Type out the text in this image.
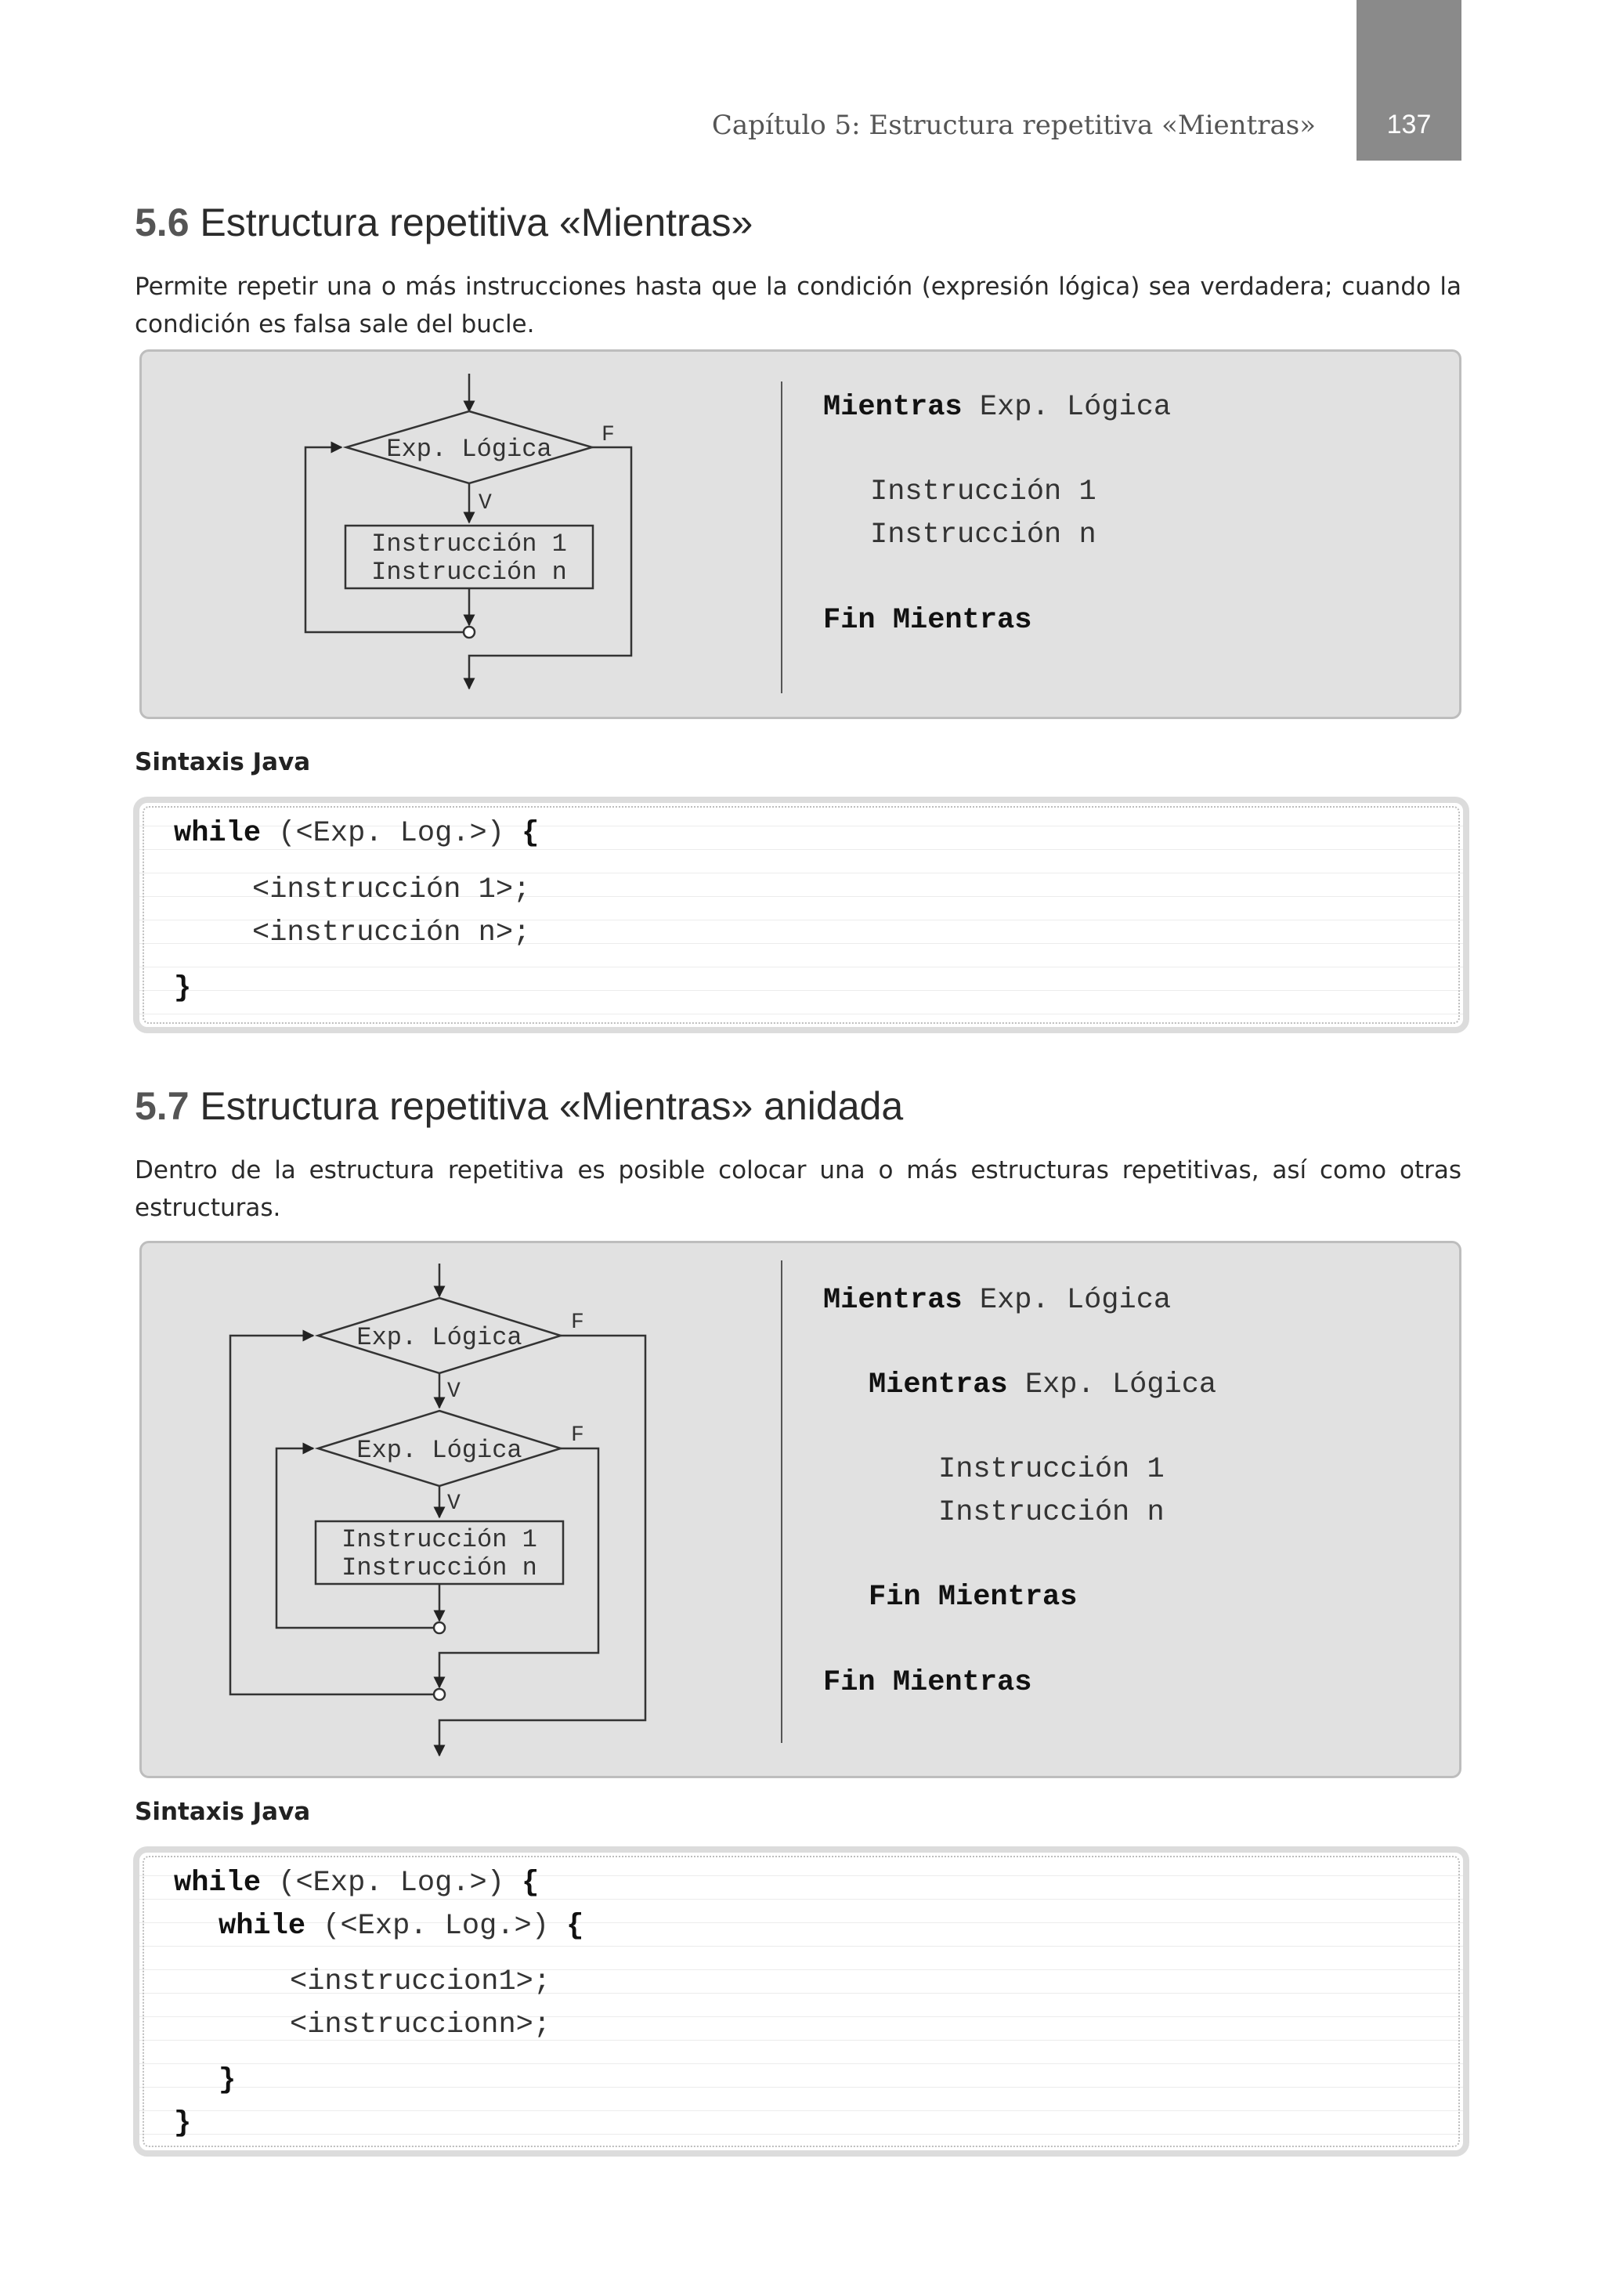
137
Capítulo 5: Estructura repetitiva «Mientras»
5.6 Estructura repetitiva «Mientras»
Permite repetir una o más instrucciones hasta que la condición (expresión lógica) sea verdadera; cuando la condición es falsa sale del bucle.
Exp. Lógica F
V
Instrucción 1
Instrucción n
Mientras Exp. Lógica
Instrucción 1
Instrucción n
Fin Mientras
Sintaxis Java
while (<Exp. Log.>) {
<instrucción 1>;
<instrucción n>;
}
5.7 Estructura repetitiva «Mientras» anidada
Dentro de la estructura repetitiva es posible colocar una o más estructuras repetitivas, así como otras estructuras.
Exp. Lógica
F
V
Exp. Lógica
F
V
Instrucción 1
Instrucción n
Mientras Exp. Lógica
Mientras Exp. Lógica
Instrucción 1
Instrucción n
Fin Mientras
Fin Mientras
Sintaxis Java
while (<Exp. Log.>) {
while (<Exp. Log.>) {
<instruccion1>;
<instruccionn>;
}
}
